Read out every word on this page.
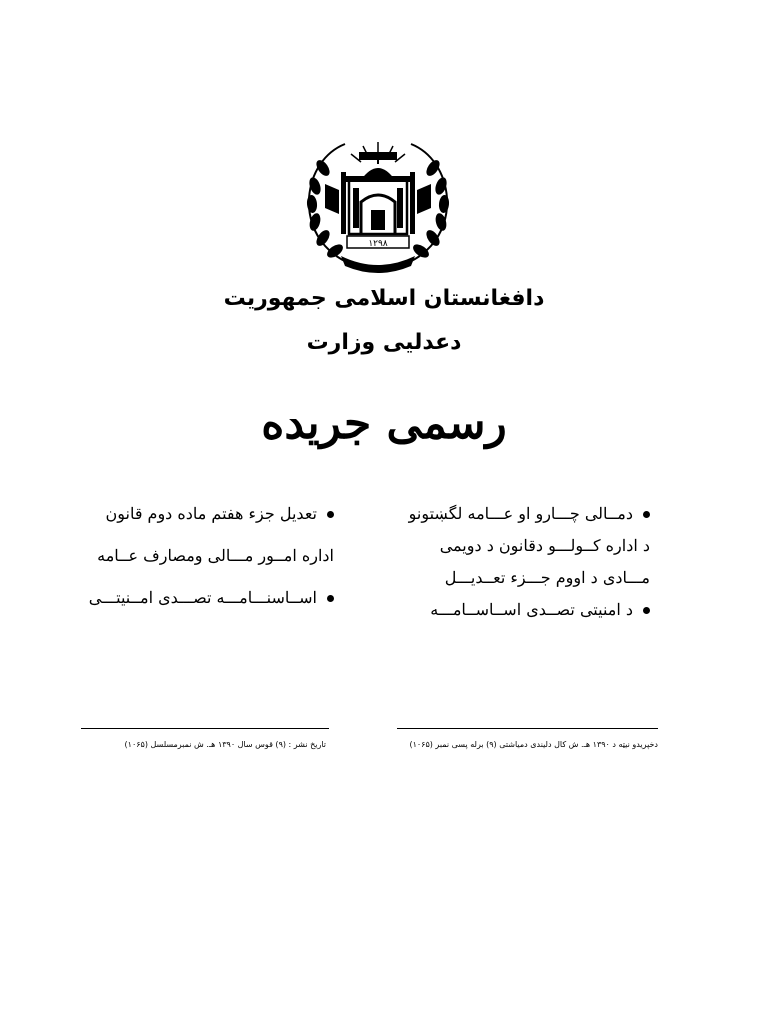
۱۲۹۸
دافغانستان اسلامی جمهوریت
دعدلیی وزارت
رسمی جریده
دمــالی چـــارو او عـــامه لگښتونو
د اداره کــولـــو دقانون د دویمی
مـــادی د اووم جـــزء تعــدیـــل
د امنیتی تصــدی اســاســامـــه
تعدیل جزء هفتم ماده دوم قانون
اداره امــور مـــالی ومصارف عــامه
اســاسنـــامـــه تصـــدی امــنیتـــی
تاریخ نشر : (۹) قوس سال ۱۳۹۰ هـ. ش نمبرمسلسل (۱۰۶۵)	دخپریدو نیټه د ۱۳۹۰ هـ. ش کال دلیندی دمیاشتی (۹) برله پسی نمبر (۱۰۶۵)
